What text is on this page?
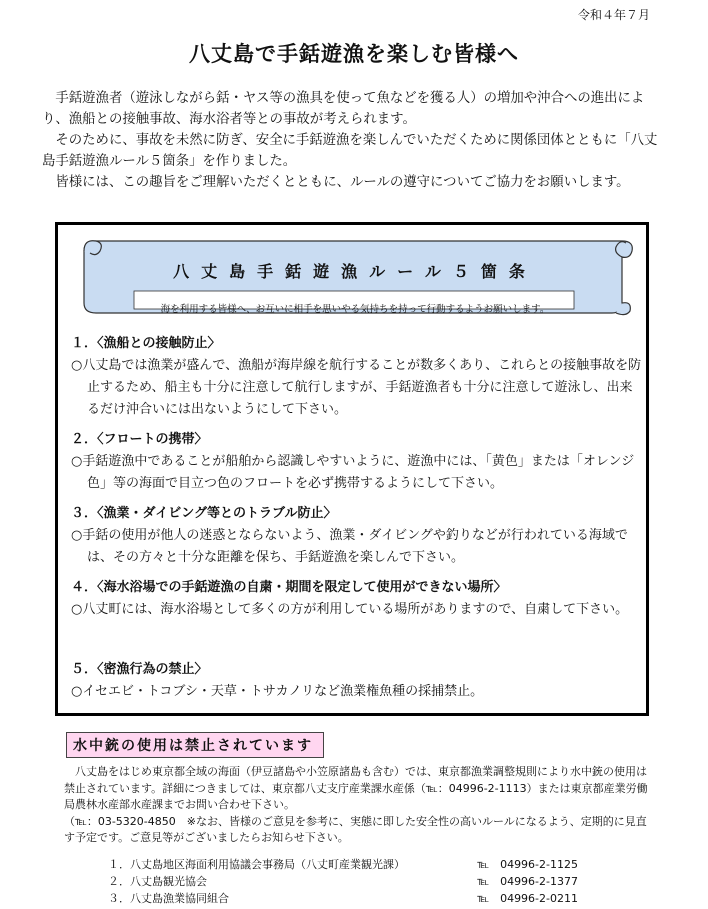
令和４年７月
八丈島で手銛遊漁を楽しむ皆様へ

　手銛遊漁者（遊泳しながら銛・ヤス等の漁具を使って魚などを獲る人）の増加や沖合への進出により、漁船との接触事故、海水浴者等との事故が考えられます。

　そのために、事故を未然に防ぎ、安全に手銛遊漁を楽しんでいただくために関係団体とともに「八丈島手銛遊漁ルール５箇条」を作りました。

　皆様には、この趣旨をご理解いただくとともに、ルールの遵守についてご協力をお願いします。

八丈島手銛遊漁ルール５箇条
海を利用する皆様へ、お互いに相手を思いやる気持ちを持って行動するようお願いします。

１．〈漁船との接触防止〉

○八丈島では漁業が盛んで、漁船が海岸線を航行することが数多くあり、これらとの接触事故を防止するため、船主も十分に注意して航行しますが、手銛遊漁者も十分に注意して遊泳し、出来るだけ沖合いには出ないようにして下さい。

２．〈フロートの携帯〉

○手銛遊漁中であることが船舶から認識しやすいように、遊漁中には、「黄色」または「オレンジ色」等の海面で目立つ色のフロートを必ず携帯するようにして下さい。

３．〈漁業・ダイビング等とのトラブル防止〉

○手銛の使用が他人の迷惑とならないよう、漁業・ダイビングや釣りなどが行われている海域では、その方々と十分な距離を保ち、手銛遊漁を楽しんで下さい。

４．〈海水浴場での手銛遊漁の自粛・期間を限定して使用ができない場所〉

○八丈町には、海水浴場として多くの方が利用している場所がありますので、自粛して下さい。

５．〈密漁行為の禁止〉

○イセエビ・トコブシ・天草・トサカノリなど漁業権魚種の採捕禁止。

水中銃の使用は禁止されています

　八丈島をはじめ東京都全域の海面（伊豆諸島や小笠原諸島も含む）では、東京都漁業調整規則により水中銃の使用は禁止されています。詳細につきましては、東京都八丈支庁産業課水産係（℡：04996-2-1113）または東京都産業労働局農林水産部水産課までお問い合わせ下さい。

（℡：03-5320-4850　※なお、皆様のご意見を参考に、実態に即した安全性の高いルールになるよう、定期的に見直す予定です。ご意見等がございましたらお知らせ下さい。

１．八丈島地区海面利用協議会事務局（八丈町産業観光課）	℡　04996-2-1125
２．八丈島観光協会	℡　04996-2-1377
３．八丈島漁業協同組合	℡　04996-2-0211
